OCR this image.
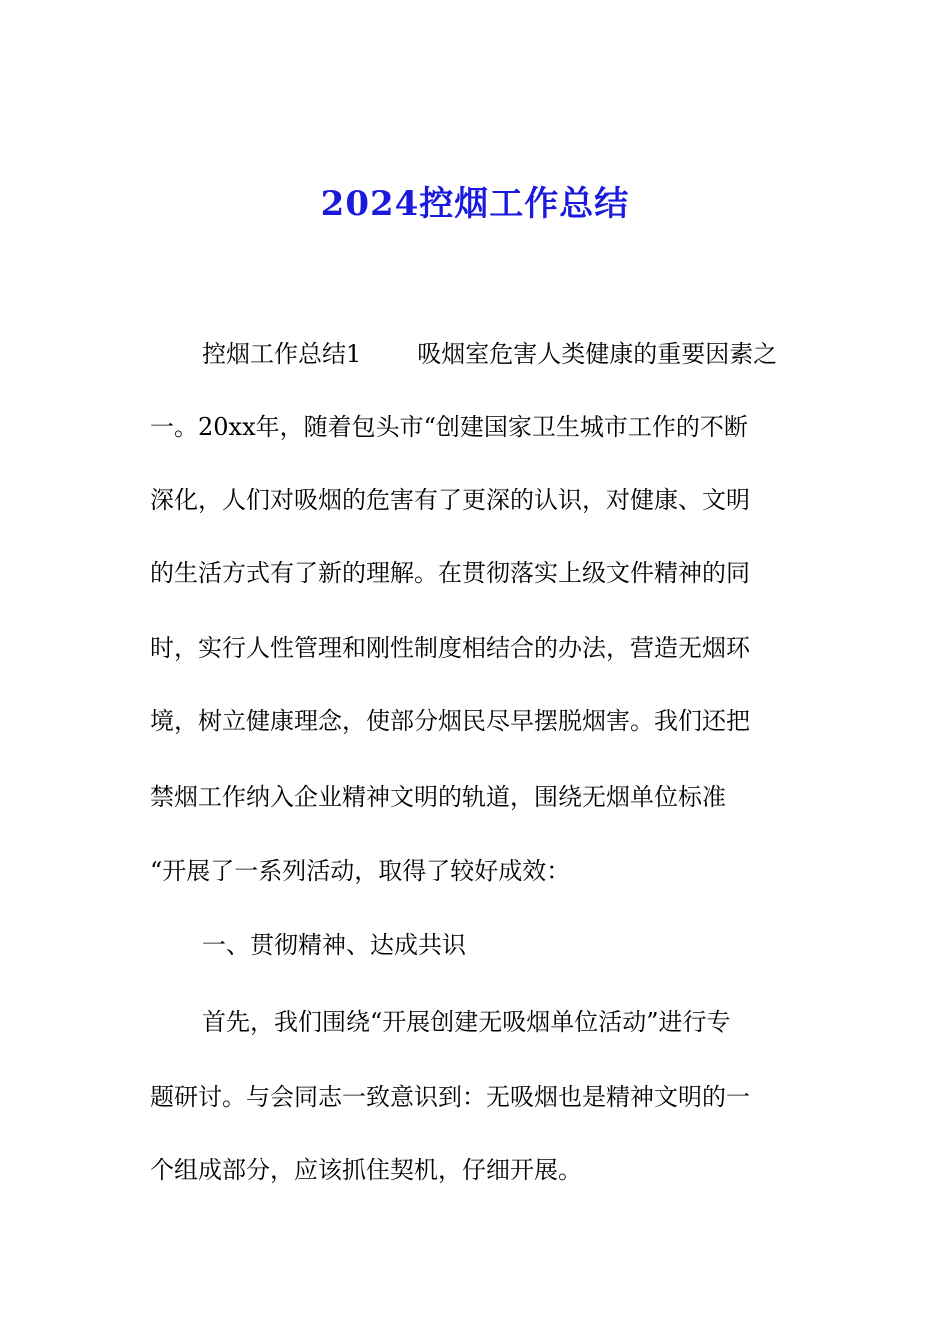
2024控烟工作总结
控烟工作总结1 吸烟室危害人类健康的重要因素之
一。20xx年，随着包头市“创建国家卫生城市工作的不断
深化，人们对吸烟的危害有了更深的认识，对健康、文明
的生活方式有了新的理解。在贯彻落实上级文件精神的同
时，实行人性管理和刚性制度相结合的办法，营造无烟环
境，树立健康理念，使部分烟民尽早摆脱烟害。我们还把
禁烟工作纳入企业精神文明的轨道，围绕无烟单位标准
“开展了一系列活动，取得了较好成效：
一、贯彻精神、达成共识
首先，我们围绕“开展创建无吸烟单位活动”进行专
题研讨。与会同志一致意识到：无吸烟也是精神文明的一
个组成部分，应该抓住契机，仔细开展。
